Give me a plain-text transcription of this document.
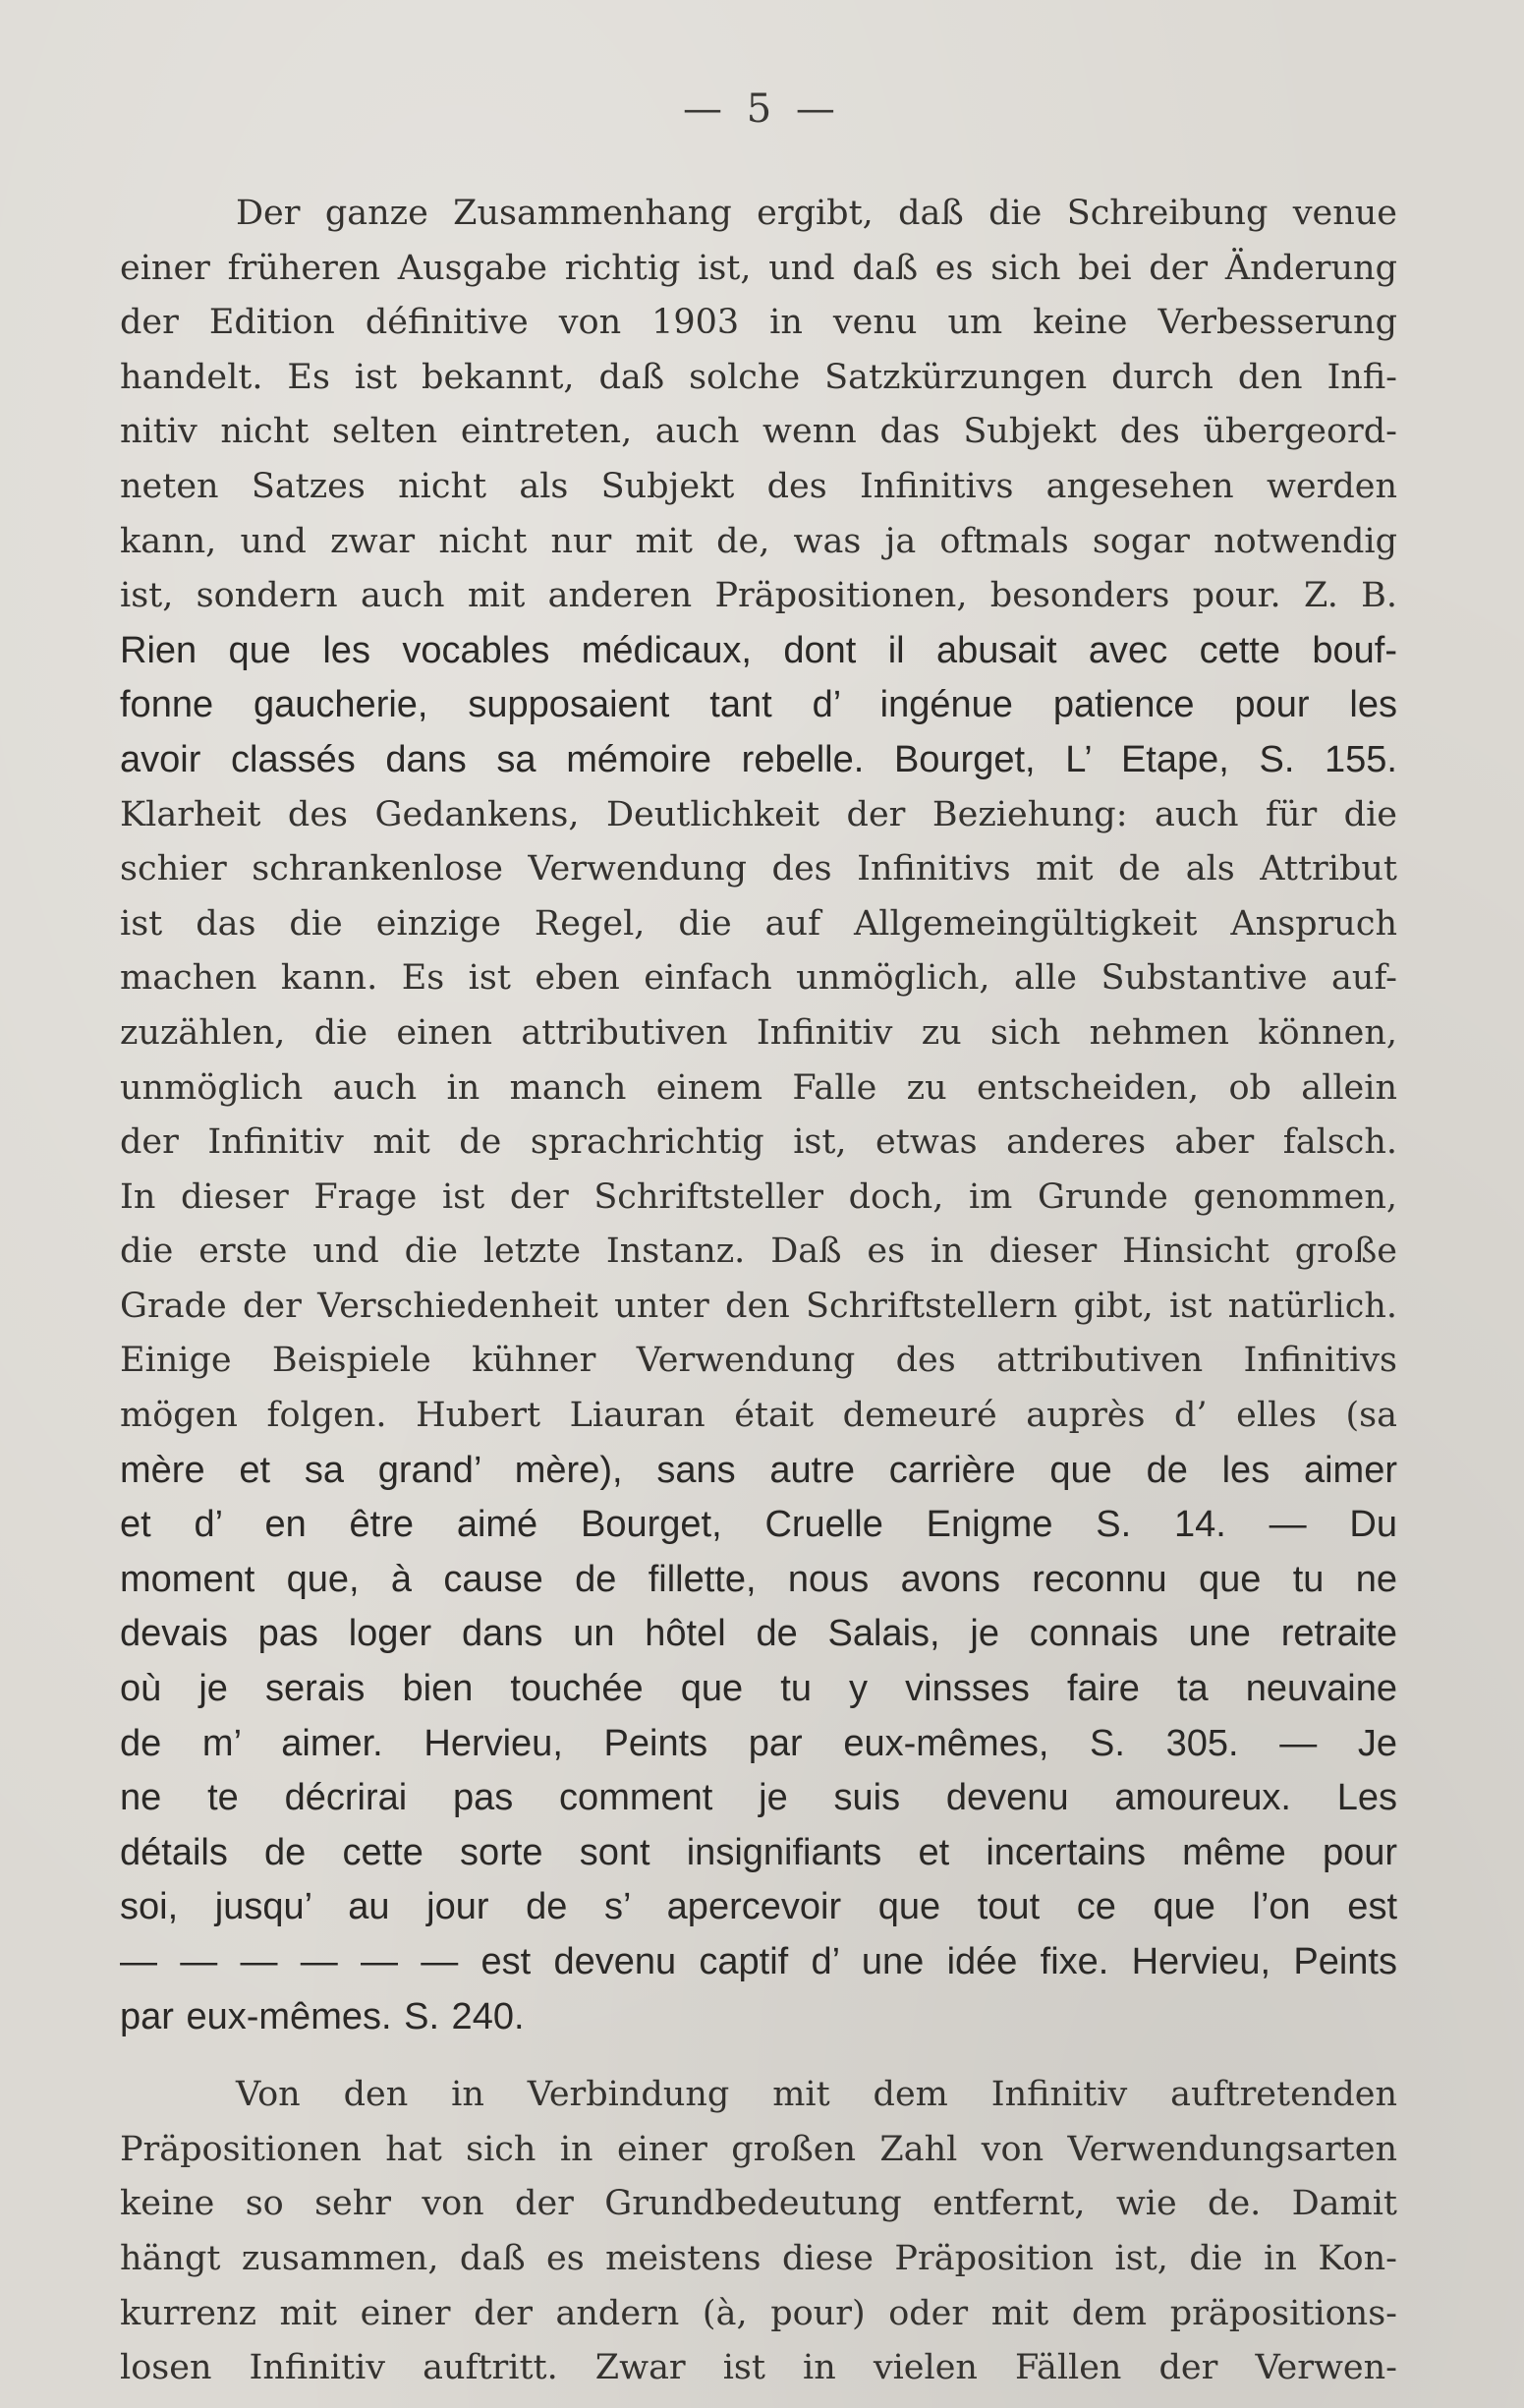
— 5 —
Der ganze Zusammenhang ergibt, daß die Schreibung venue
einer früheren Ausgabe richtig ist, und daß es sich bei der Änderung
der Edition définitive von 1903 in venu um keine Verbesserung
handelt. Es ist bekannt, daß solche Satzkürzungen durch den Infi-
nitiv nicht selten eintreten, auch wenn das Subjekt des übergeord-
neten Satzes nicht als Subjekt des Infinitivs angesehen werden
kann, und zwar nicht nur mit de, was ja oftmals sogar notwendig
ist, sondern auch mit anderen Präpositionen, besonders pour. Z. B.
Rien que les vocables médicaux, dont il abusait avec cette bouf-
fonne gaucherie, supposaient tant d’ ingénue patience pour les
avoir classés dans sa mémoire rebelle. Bourget, L’ Etape, S. 155.
Klarheit des Gedankens, Deutlichkeit der Beziehung: auch für die
schier schrankenlose Verwendung des Infinitivs mit de als Attribut
ist das die einzige Regel, die auf Allgemeingültigkeit Anspruch
machen kann. Es ist eben einfach unmöglich, alle Substantive auf-
zuzählen, die einen attributiven Infinitiv zu sich nehmen können,
unmöglich auch in manch einem Falle zu entscheiden, ob allein
der Infinitiv mit de sprachrichtig ist, etwas anderes aber falsch.
In dieser Frage ist der Schriftsteller doch, im Grunde genommen,
die erste und die letzte Instanz. Daß es in dieser Hinsicht große
Grade der Verschiedenheit unter den Schriftstellern gibt, ist natürlich.
Einige Beispiele kühner Verwendung des attributiven Infinitivs
mögen folgen. Hubert Liauran était demeuré auprès d’ elles (sa
mère et sa grand’ mère), sans autre carrière que de les aimer
et d’ en être aimé Bourget, Cruelle Enigme S. 14. — Du
moment que, à cause de fillette, nous avons reconnu que tu ne
devais pas loger dans un hôtel de Salais, je connais une retraite
où je serais bien touchée que tu y vinsses faire ta neuvaine
de m’ aimer. Hervieu, Peints par eux-mêmes, S. 305. — Je
ne te décrirai pas comment je suis devenu amoureux. Les
détails de cette sorte sont insignifiants et incertains même pour
soi, jusqu’ au jour de s’ apercevoir que tout ce que l’on est
— — — — — — est devenu captif d’ une idée fixe. Hervieu, Peints
par eux-mêmes. S. 240.
Von den in Verbindung mit dem Infinitiv auftretenden
Präpositionen hat sich in einer großen Zahl von Verwendungsarten
keine so sehr von der Grundbedeutung entfernt, wie de. Damit
hängt zusammen, daß es meistens diese Präposition ist, die in Kon-
kurrenz mit einer der andern (à, pour) oder mit dem präpositions-
losen Infinitiv auftritt. Zwar ist in vielen Fällen der Verwen-
